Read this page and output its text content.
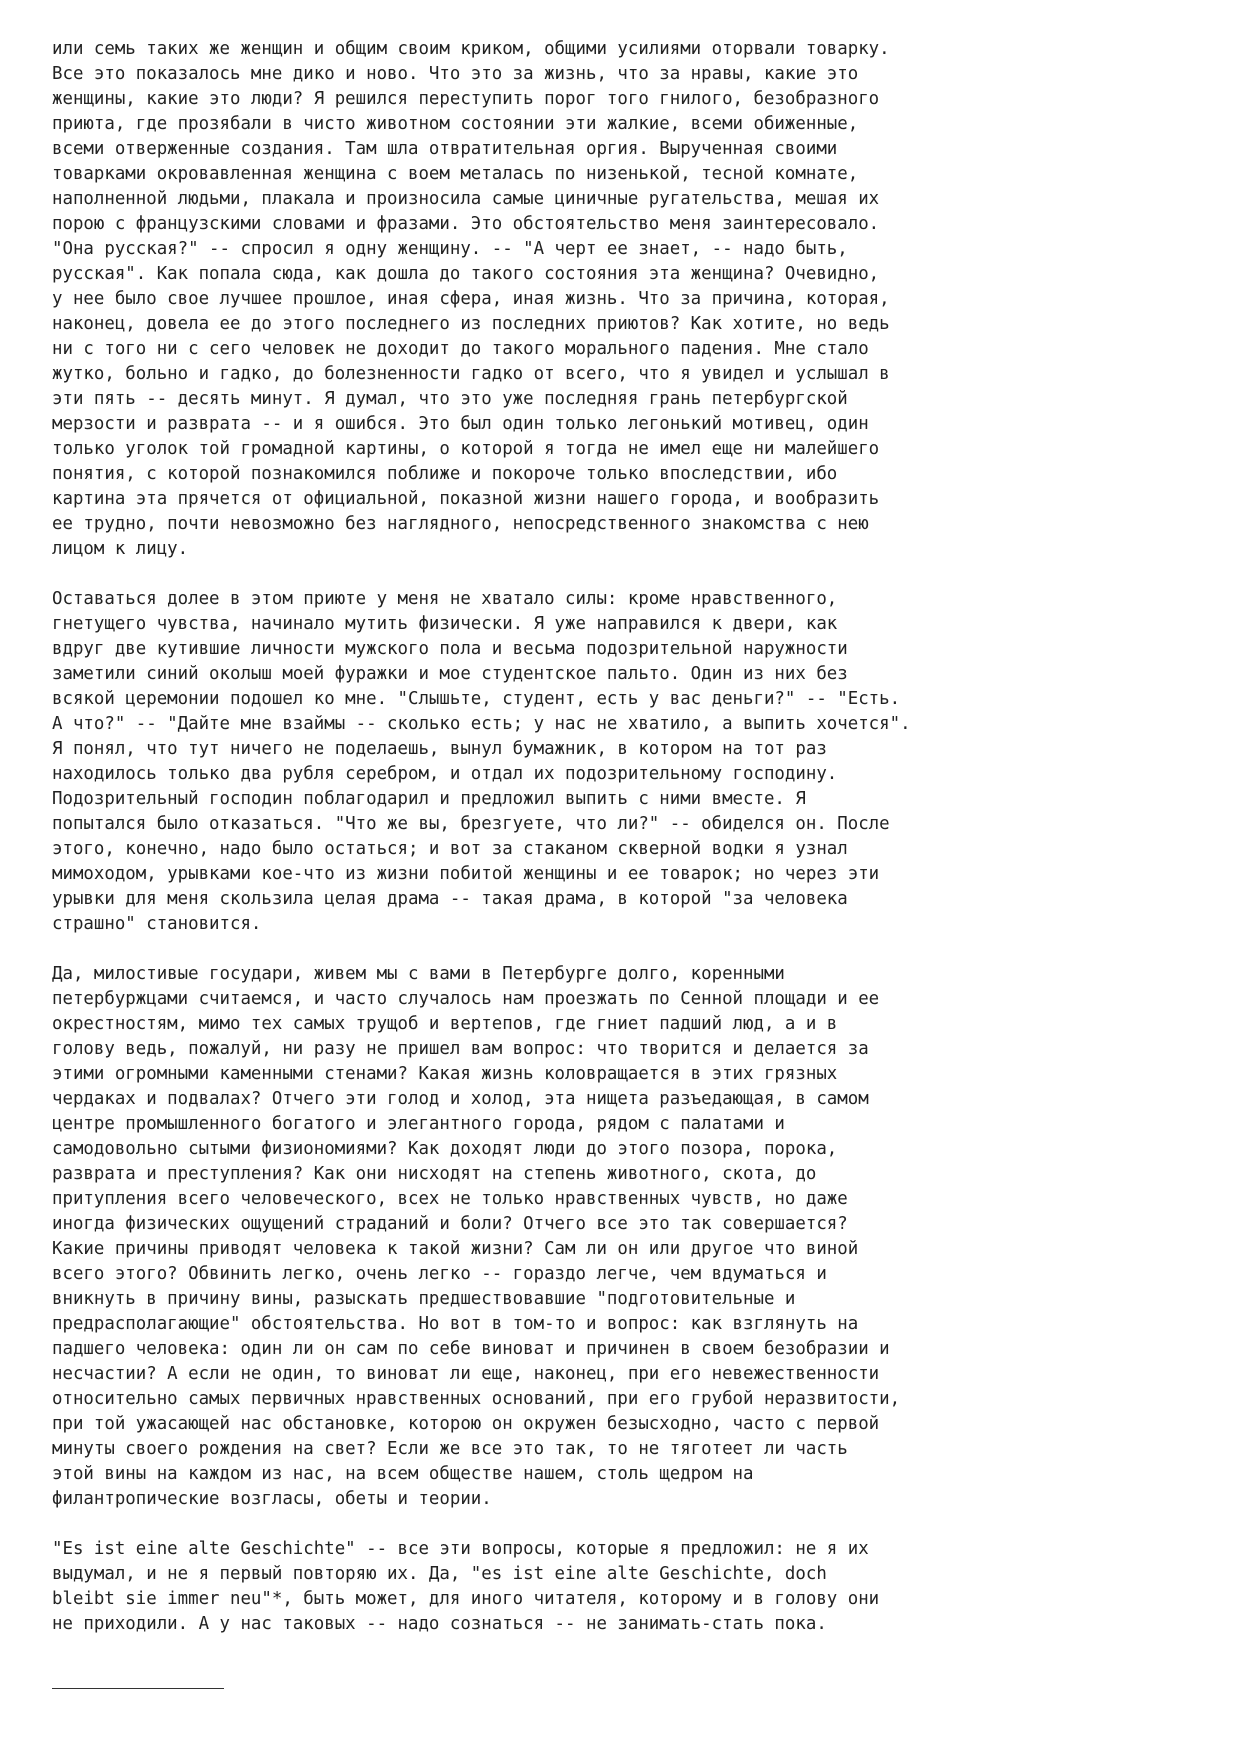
или семь таких же женщин и общим своим криком, общими усилиями оторвали товарку.
Все это показалось мне дико и ново. Что это за жизнь, что за нравы, какие это
женщины, какие это люди? Я решился переступить порог того гнилого, безобразного
приюта, где прозябали в чисто животном состоянии эти жалкие, всеми обиженные,
всеми отверженные создания. Там шла отвратительная оргия. Выручeнная своими
товарками окровавленная женщина с воем металась по низенькой, тесной комнате,
наполненной людьми, плакала и произносила самые циничные ругательства, мешая их
порою с французскими словами и фразами. Это обстоятельство меня заинтересовало.
"Она русская?" -- спросил я одну женщину. -- "А черт ее знает, -- надо быть,
русская". Как попала сюда, как дошла до такого состояния эта женщина? Очевидно,
у нее было свое лучшее прошлое, иная сфера, иная жизнь. Что за причина, которая,
наконец, довела ее до этого последнего из последних приютов? Как хотите, но ведь
ни с того ни с сего человек не доходит до такого морального падения. Мне стало
жутко, больно и гадко, до болезненности гадко от всего, что я увидел и услышал в
эти пять -- десять минут. Я думал, что это уже последняя грань петербургской
мерзости и разврата -- и я ошибся. Это был один только легонький мотивец, один
только уголок той громадной картины, о которой я тогда не имел еще ни малейшего
понятия, с которой познакомился поближе и покороче только впоследствии, ибо
картина эта прячется от официальной, показной жизни нашего города, и вообразить
ее трудно, почти невозможно без наглядного, непосредственного знакомства с нею
лицом к лицу.
Оставаться долее в этом приюте у меня не хватало силы: кроме нравственного,
гнетущего чувства, начинало мутить физически. Я уже направился к двери, как
вдруг две кутившие личности мужского пола и весьма подозрительной наружности
заметили синий околыш моей фуражки и мое студентское пальто. Один из них без
всякой церемонии подошел ко мне. "Слышьте, студент, есть у вас деньги?" -- "Есть.
А что?" -- "Дайте мне взаймы -- сколько есть; у нас не хватило, а выпить хочется".
Я понял, что тут ничего не поделаешь, вынул бумажник, в котором на тот раз
находилось только два рубля серебром, и отдал их подозрительному господину.
Подозрительный господин поблагодарил и предложил выпить с ними вместе. Я
попытался было отказаться. "Что же вы, брезгуете, что ли?" -- обиделся он. После
этого, конечно, надо было остаться; и вот за стаканом скверной водки я узнал
мимоходом, урывками кое-что из жизни побитой женщины и ее товарок; но через эти
урывки для меня скользила целая драма -- такая драма, в которой "за человека
страшно" становится.
Да, милостивые государи, живем мы с вами в Петербурге долго, коренными
петербуржцами считаемся, и часто случалось нам проезжать по Сенной площади и ее
окрестностям, мимо тех самых трущоб и вертепов, где гниет падший люд, а и в
голову ведь, пожалуй, ни разу не пришел вам вопрос: что творится и делается за
этими огромными каменными стенами? Какая жизнь коловращается в этих грязных
чердаках и подвалах? Отчего эти голод и холод, эта нищета разъедающая, в самом
центре промышленного богатого и элегантного города, рядом с палатами и
самодовольно сытыми физиономиями? Как доходят люди до этого позора, порока,
разврата и преступления? Как они нисходят на степень животного, скота, до
притупления всего человеческого, всех не только нравственных чувств, но даже
иногда физических ощущений страданий и боли? Отчего все это так совершается?
Какие причины приводят человека к такой жизни? Сам ли он или другое что виной
всего этого? Обвинить легко, очень легко -- гораздо легче, чем вдуматься и
вникнуть в причину вины, разыскать предшествовавшие "подготовительные и
предрасполагающие" обстоятельства. Но вот в том-то и вопрос: как взглянуть на
падшего человека: один ли он сам по себе виноват и причинен в своем безобразии и
несчастии? А если не один, то виноват ли еще, наконец, при его невежественности
относительно самых первичных нравственных оснований, при его грубой неразвитости,
при той ужасающей нас обстановке, которою он окружен безысходно, часто с первой
минуты своего рождения на свет? Если же все это так, то не тяготеет ли часть
этой вины на каждом из нас, на всем обществе нашем, столь щедром на
филантропические возгласы, обеты и теории.
"Es ist eine alte Geschichte" -- все эти вопросы, которые я предложил: не я их
выдумал, и не я первый повторяю их. Да, "es ist eine alte Geschichte, doch
bleibt sie immer neu"*, быть может, для иного читателя, которому и в голову они
не приходили. А у нас таковых -- надо сознаться -- не занимать-стать пока.
